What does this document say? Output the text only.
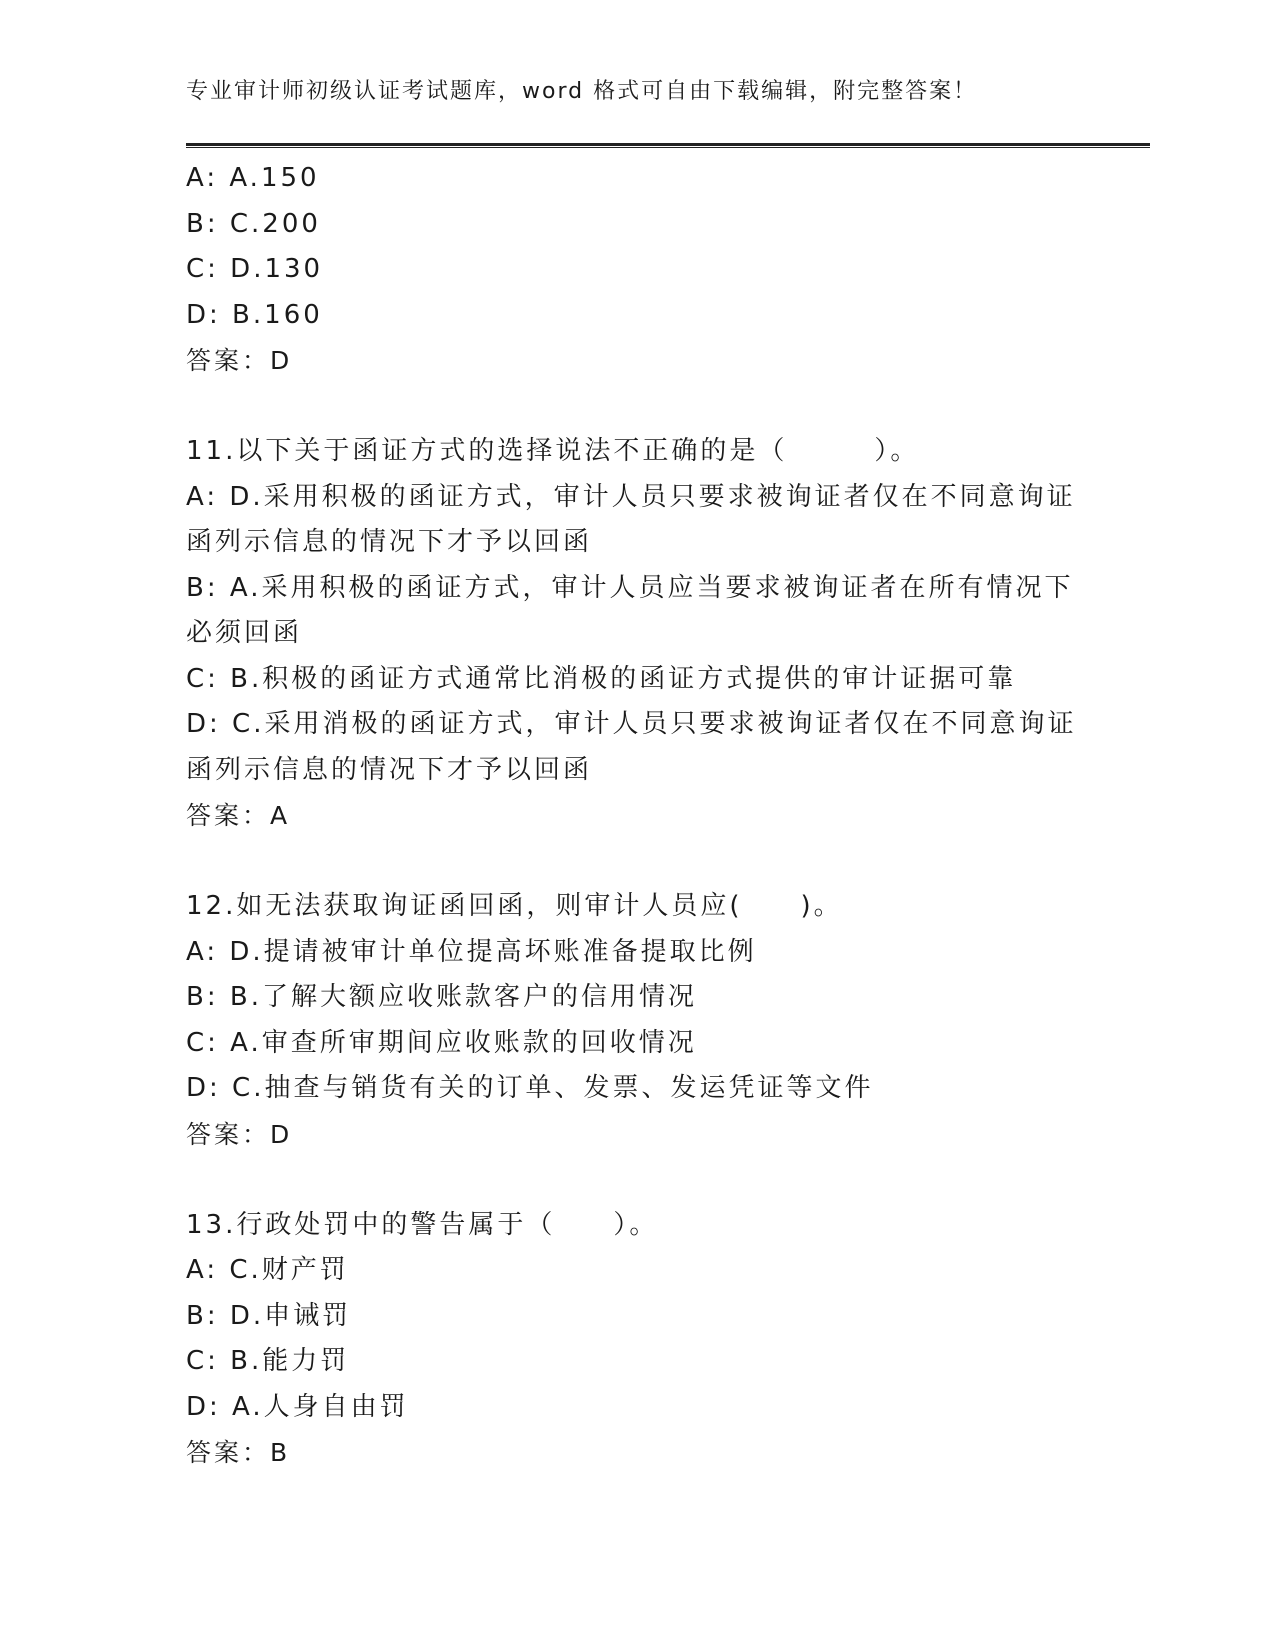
专业审计师初级认证考试题库，word 格式可自由下载编辑，附完整答案！
A: A.150
B: C.200
C: D.130
D: B.160
答案：D
11.以下关于函证方式的选择说法不正确的是（　　　）。
A: D.采用积极的函证方式，审计人员只要求被询证者仅在不同意询证函列示信息的情况下才予以回函
B: A.采用积极的函证方式，审计人员应当要求被询证者在所有情况下必须回函
C: B.积极的函证方式通常比消极的函证方式提供的审计证据可靠
D: C.采用消极的函证方式，审计人员只要求被询证者仅在不同意询证函列示信息的情况下才予以回函
答案：A
12.如无法获取询证函回函，则审计人员应(　　)。
A: D.提请被审计单位提高坏账准备提取比例
B: B.了解大额应收账款客户的信用情况
C: A.审查所审期间应收账款的回收情况
D: C.抽查与销货有关的订单、发票、发运凭证等文件
答案：D
13.行政处罚中的警告属于（　　）。
A: C.财产罚
B: D.申诫罚
C: B.能力罚
D: A.人身自由罚
答案：B
